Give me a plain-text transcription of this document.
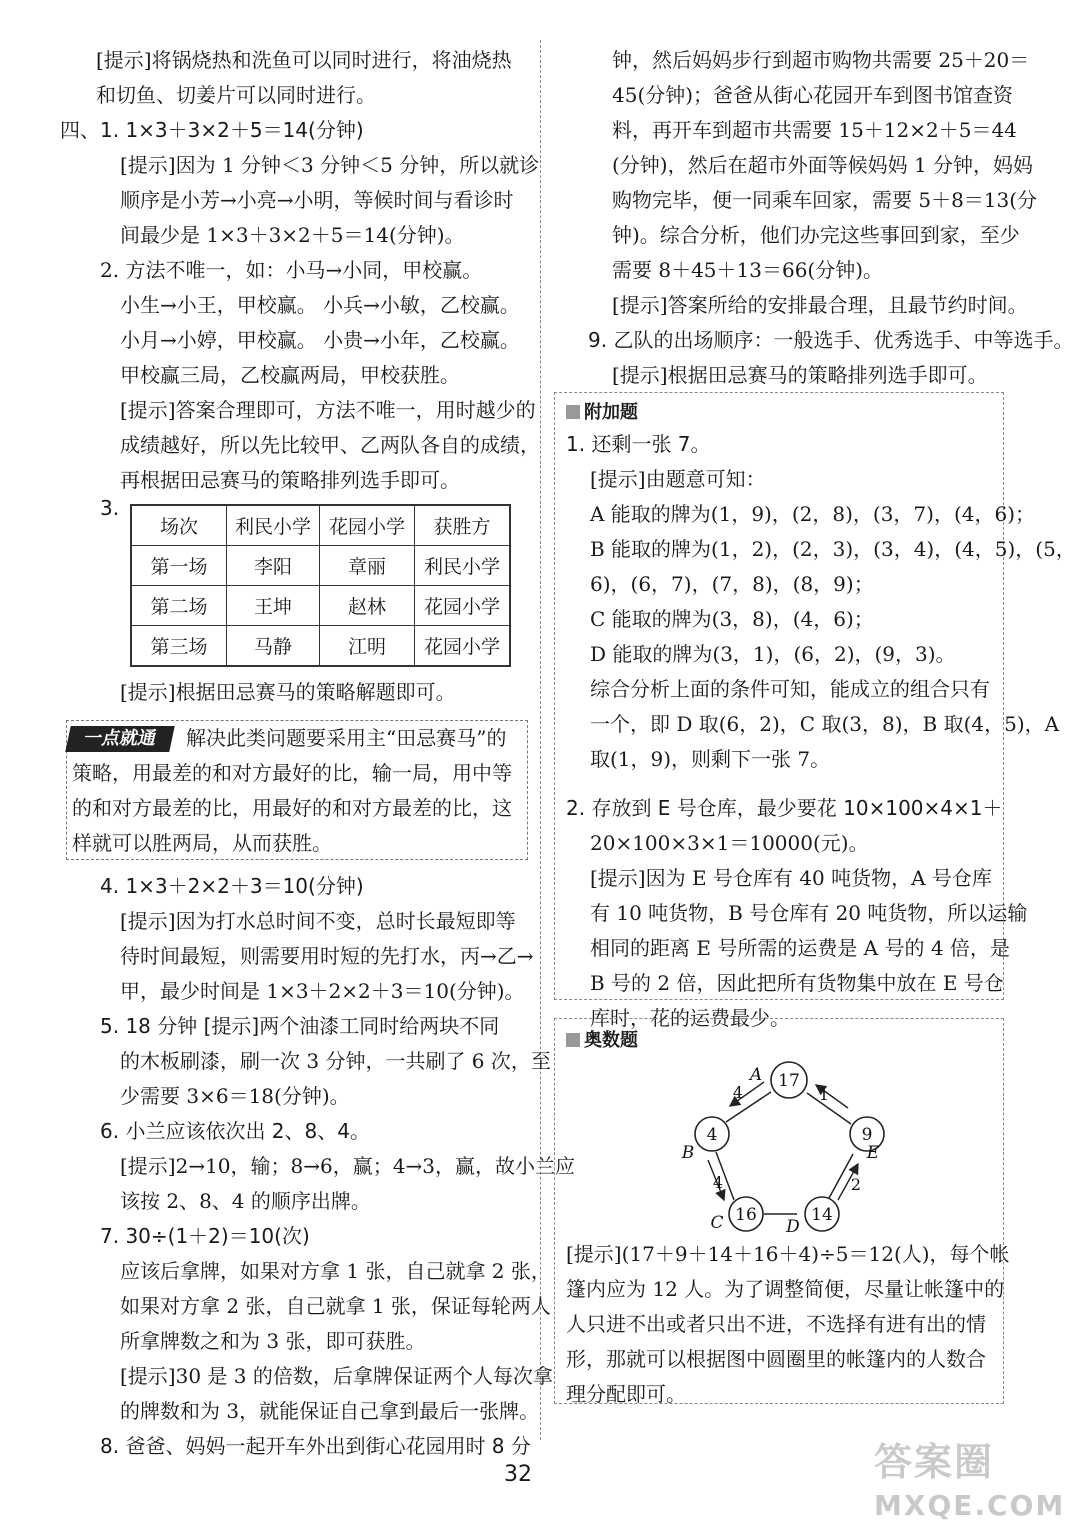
[提示]将锅烧热和洗鱼可以同时进行，将油烧热
和切鱼、切姜片可以同时进行。
四、1. 1×3＋3×2＋5＝14(分钟)
[提示]因为 1 分钟＜3 分钟＜5 分钟，所以就诊
顺序是小芳→小亮→小明，等候时间与看诊时
间最少是 1×3＋3×2＋5＝14(分钟)。
2. 方法不唯一，如：小马→小同，甲校赢。
小生→小王，甲校赢。 小兵→小敏，乙校赢。
小月→小婷，甲校赢。 小贵→小年，乙校赢。
甲校赢三局，乙校赢两局，甲校获胜。
[提示]答案合理即可，方法不唯一，用时越少的
成绩越好，所以先比较甲、乙两队各自的成绩，
再根据田忌赛马的策略排列选手即可。
3.
场次	利民小学	花园小学	获胜方
第一场	李阳	章丽	利民小学
第二场	王坤	赵林	花园小学
第三场	马静	江明	花园小学
[提示]根据田忌赛马的策略解题即可。
一点就通	解决此类问题要采用主“田忌赛马”的
策略，用最差的和对方最好的比，输一局，用中等
的和对方最差的比，用最好的和对方最差的比，这
样就可以胜两局，从而获胜。
4. 1×3＋2×2＋3＝10(分钟)
[提示]因为打水总时间不变，总时长最短即等
待时间最短，则需要用时短的先打水，丙→乙→
甲，最少时间是 1×3＋2×2＋3＝10(分钟)。
5. 18 分钟 [提示]两个油漆工同时给两块不同
的木板刷漆，刷一次 3 分钟，一共刷了 6 次，至
少需要 3×6＝18(分钟)。
6. 小兰应该依次出 2、8、4。
[提示]2→10，输；8→6，赢；4→3，赢，故小兰应
该按 2、8、4 的顺序出牌。
7. 30÷(1＋2)＝10(次)
应该后拿牌，如果对方拿 1 张，自己就拿 2 张，
如果对方拿 2 张，自己就拿 1 张，保证每轮两人
所拿牌数之和为 3 张，即可获胜。
[提示]30 是 3 的倍数，后拿牌保证两个人每次拿
的牌数和为 3，就能保证自己拿到最后一张牌。
8. 爸爸、妈妈一起开车外出到街心花园用时 8 分
钟，然后妈妈步行到超市购物共需要 25＋20＝
45(分钟)；爸爸从街心花园开车到图书馆查资
料，再开车到超市共需要 15＋12×2＋5＝44
(分钟)，然后在超市外面等候妈妈 1 分钟，妈妈
购物完毕，便一同乘车回家，需要 5＋8＝13(分
钟)。综合分析，他们办完这些事回到家，至少
需要 8＋45＋13＝66(分钟)。
[提示]答案所给的安排最合理，且最节约时间。
9. 乙队的出场顺序：一般选手、优秀选手、中等选手。
[提示]根据田忌赛马的策略排列选手即可。
附加题
1. 还剩一张 7。
[提示]由题意可知：
A 能取的牌为(1，9)，(2，8)，(3，7)，(4，6)；
B 能取的牌为(1，2)，(2，3)，(3，4)，(4，5)，(5，
6)，(6，7)，(7，8)，(8，9)；
C 能取的牌为(3，8)，(4，6)；
D 能取的牌为(3，1)，(6，2)，(9，3)。
综合分析上面的条件可知，能成立的组合只有
一个，即 D 取(6，2)，C 取(3，8)，B 取(4，5)，A
取(1，9)，则剩下一张 7。
2. 存放到 E 号仓库，最少要花 10×100×4×1＋
20×100×3×1＝10000(元)。
[提示]因为 E 号仓库有 40 吨货物，A 号仓库
有 10 吨货物，B 号仓库有 20 吨货物，所以运输
相同的距离 E 号所需的运费是 A 号的 4 倍，是
B 号的 2 倍，因此把所有货物集中放在 E 号仓
库时，花的运费最少。
奥数题
17
9
14
16
4
A
E
D
C
B
1
4
2
4
[提示](17＋9＋14＋16＋4)÷5＝12(人)，每个帐
篷内应为 12 人。为了调整简便，尽量让帐篷中的
人只进不出或者只出不进，不选择有进有出的情
形，那就可以根据图中圆圈里的帐篷内的人数合
理分配即可。
32	答案圈
MXQE.COM
